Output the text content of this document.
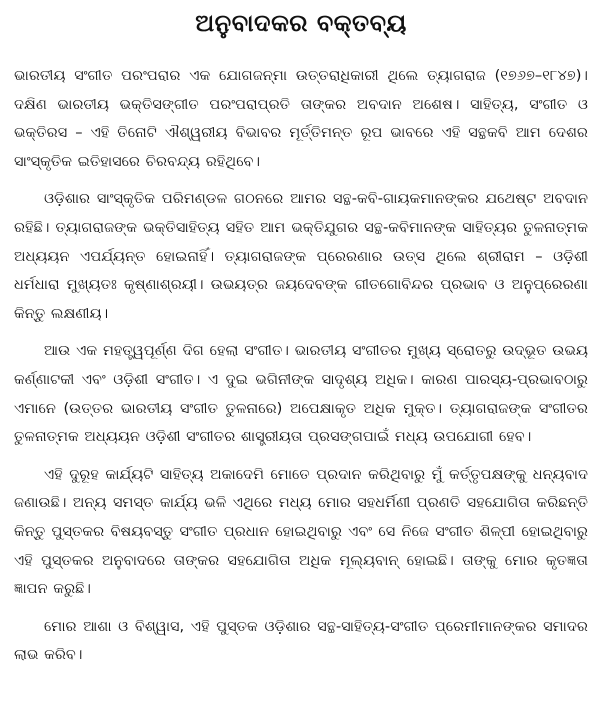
ଅନୁବାଦକର ବକ୍ତବ୍ୟ

ଭାରତୀୟ ସଂଗୀତ ପରଂପରାର ଏକ ଯୋଗଜନ୍ମା ଉତ୍ତରାଧିକାରୀ ଥିଲେ ତ୍ୟାଗରାଜ (୧୭୬୭–୧୮୪୭)। ଦକ୍ଷିଣ ଭାରତୀୟ ଭକ୍ତିସଙ୍ଗୀତ ପରଂପରାପ୍ରତି ତାଙ୍କର ଅବଦାନ ଅଶେଷ। ସାହିତ୍ୟ, ସଂଗୀତ ଓ ଭକ୍ତିରସ – ଏହି ତିନୋଟି ଐଶ୍ୱରୀୟ ବିଭାବର ମୂର୍ତ୍ତିମନ୍ତ ରୂପ ଭାବରେ ଏହି ସନ୍ଥକବି ଆମ ଦେଶର ସାଂସ୍କୃତିକ ଇତିହାସରେ ଚିରବନ୍ଦ୍ୟ ରହିଥିବେ।

ଓଡ଼ିଶାର ସାଂସ୍କୃତିକ ପରିମଣ୍ଡଳ ଗଠନରେ ଆମର ସନ୍ଥ-କବି-ଗାୟକମାନଙ୍କର ଯଥେଷ୍ଟ ଅବଦାନ ରହିଛି। ତ୍ୟାଗରାଜଙ୍କ ଭକ୍ତିସାହିତ୍ୟ ସହିତ ଆମ ଭକ୍ତିଯୁଗର ସନ୍ଥ-କବିମାନଙ୍କ ସାହିତ୍ୟର ତୁଳନାତ୍ମକ ଅଧ୍ୟୟନ ଏପର୍ଯ୍ୟନ୍ତ ହୋଇନାହିଁ। ତ୍ୟାଗରାଜଙ୍କ ପ୍ରେରଣାର ଉତ୍ସ ଥିଲେ ଶ୍ରୀରାମ – ଓଡ଼ିଶୀ ଧର୍ମଧାରା ମୁଖ୍ୟତଃ କୃଷ୍ଣାଶ୍ରୟୀ। ଉଭୟତ୍ର ଜୟଦେବଙ୍କ ଗୀତଗୋବିନ୍ଦର ପ୍ରଭାବ ଓ ଅନୁପ୍ରେରଣା କିନ୍ତୁ ଲକ୍ଷଣୀୟ।

ଆଉ ଏକ ମହତ୍ତ୍ୱପୂର୍ଣ୍ଣ ଦିଗ ହେଲା ସଂଗୀତ। ଭାରତୀୟ ସଂଗୀତର ମୁଖ୍ୟ ସ୍ରୋତରୁ ଉଦ୍ଭୂତ ଉଭୟ କର୍ଣ୍ଣାଟକୀ ଏବଂ ଓଡ଼ିଶୀ ସଂଗୀତ। ଏ ଦୁଇ ଭଗିନୀଙ୍କ ସାଦୃଶ୍ୟ ଅଧିକ। କାରଣ ପାରସ୍ୟ-ପ୍ରଭାବଠାରୁ ଏମାନେ (ଉତ୍ତର ଭାରତୀୟ ସଂଗୀତ ତୁଳନାରେ) ଅପେକ୍ଷାକୃତ ଅଧିକ ମୁକ୍ତ। ତ୍ୟାଗରାଜଙ୍କ ସଂଗୀତର ତୁଳନାତ୍ମକ ଅଧ୍ୟୟନ ଓଡ଼ିଶୀ ସଂଗୀତର ଶାସ୍ତ୍ରୀୟତା ପ୍ରସଙ୍ଗପାଇଁ ମଧ୍ୟ ଉପଯୋଗୀ ହେବ।

ଏହି ଦୁରୂହ କାର୍ଯ୍ୟଟି ସାହିତ୍ୟ ଅକାଦେମି ମୋତେ ପ୍ରଦାନ କରିଥିବାରୁ ମୁଁ କର୍ତ୍ତୃପକ୍ଷଙ୍କୁ ଧନ୍ୟବାଦ ଜଣାଉଛି। ଅନ୍ୟ ସମସ୍ତ କାର୍ଯ୍ୟ ଭଳି ଏଥିରେ ମଧ୍ୟ ମୋର ସହଧର୍ମିଣୀ ପ୍ରଣତି ସହଯୋଗିତା କରିଛନ୍ତି କିନ୍ତୁ ପୁସ୍ତକର ବିଷୟବସ୍ତୁ ସଂଗୀତ ପ୍ରଧାନ ହୋଇଥିବାରୁ ଏବଂ ସେ ନିଜେ ସଂଗୀତ ଶିଳ୍ପୀ ହୋଇଥିବାରୁ ଏହି ପୁସ୍ତକର ଅନୁବାଦରେ ତାଙ୍କର ସହଯୋଗିତା ଅଧିକ ମୂଲ୍ୟବାନ୍ ହୋଇଛି। ତାଙ୍କୁ ମୋର କୃତଜ୍ଞତା ଜ୍ଞାପନ କରୁଛି।

ମୋର ଆଶା ଓ ବିଶ୍ୱାସ, ଏହି ପୁସ୍ତକ ଓଡ଼ିଶାର ସନ୍ଥ-ସାହିତ୍ୟ-ସଂଗୀତ ପ୍ରେମୀମାନଙ୍କର ସମାଦର ଲାଭ କରିବ।
